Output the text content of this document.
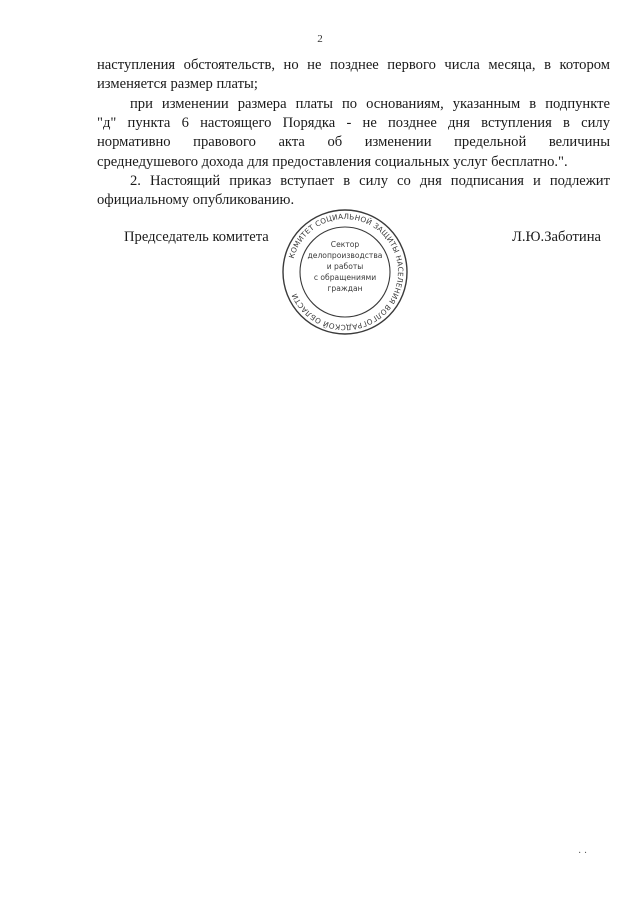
2
наступления обстоятельств, но не позднее первого числа месяца, в котором
изменяется размер платы;
при изменении размера платы по основаниям, указанным в подпункте
"д" пункта 6 настоящего Порядка - не позднее дня вступления в силу
нормативно правового акта об изменении предельной величины
среднедушевого дохода для предоставления социальных услуг бесплатно.".
2. Настоящий приказ вступает в силу со дня подписания и подлежит
официальному опубликованию.
Председатель комитета
КОМИТЕТ СОЦИАЛЬНОЙ ЗАЩИТЫ НАСЕЛЕНИЯ ВОЛГОГРАДСКОЙ ОБЛАСТИ
Сектор
делопроизводства
и работы
с обращениями
граждан
Л.Ю.Заботина
· ·
